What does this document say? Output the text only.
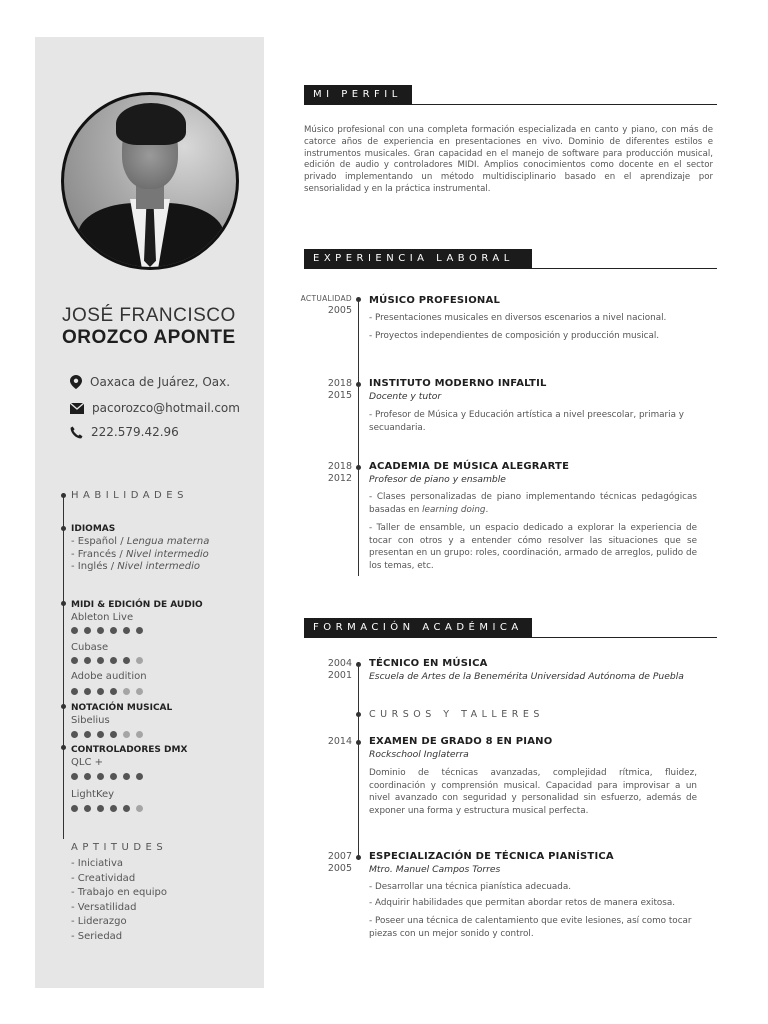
JOSÉ FRANCISCO
OROZCO APONTE
Oaxaca de Juárez, Oax.
pacorozco@hotmail.com
222.579.42.96
HABILIDADES
IDIOMAS
- Español / Lengua materna
- Francés / Nivel intermedio
- Inglés / Nivel intermedio
MIDI & EDICIÓN DE AUDIO
Ableton Live
Cubase
Adobe audition
NOTACIÓN MUSICAL
Sibelius
CONTROLADORES DMX
QLC +
LightKey
APTITUDES
- Iniciativa
- Creatividad
- Trabajo en equipo
- Versatilidad
- Liderazgo
- Seriedad
MI PERFIL
Músico profesional con una completa formación especializada en canto y piano, con más de catorce años de experiencia en presentaciones en vivo. Dominio de diferentes estilos e instrumentos musicales. Gran capacidad en el manejo de software para producción musical, edición de audio y controladores MIDI. Amplios conocimientos como docente en el sector privado implementando un método multidisciplinario basado en el aprendizaje por sensorialidad y en la práctica instrumental.
EXPERIENCIA LABORAL
ACTUALIDAD
2005
MÚSICO PROFESIONAL
- Presentaciones musicales en diversos escenarios a nivel nacional.
- Proyectos independientes de composición y producción musical.
2018
2015
INSTITUTO MODERNO INFALTIL
Docente y tutor
- Profesor de Música y Educación artística a nivel preescolar, primaria y secuandaria.
2018
2012
ACADEMIA DE MÚSICA ALEGRARTE
Profesor de piano y ensamble
- Clases personalizadas de piano implementando técnicas pedagógicas basadas en learning doing.
- Taller de ensamble, un espacio dedicado a explorar la experiencia de tocar con otros y a entender cómo resolver las situaciones que se presentan en un grupo: roles, coordinación, armado de arreglos, pulido de los temas, etc.
FORMACIÓN ACADÉMICA
2004
2001
TÉCNICO EN MÚSICA
Escuela de Artes de la Benemérita Universidad Autónoma de Puebla
CURSOS Y TALLERES
2014 EXAMEN DE GRADO 8 EN PIANO
Rockschool Inglaterra
Dominio de técnicas avanzadas, complejidad rítmica, fluidez, coordinación y comprensión musical. Capacidad para improvisar a un nivel avanzado con seguridad y personalidad sin esfuerzo, además de exponer una forma y estructura musical perfecta.
2007
2005
ESPECIALIZACIÓN DE TÉCNICA PIANÍSTICA
Mtro. Manuel Campos Torres
- Desarrollar una técnica pianística adecuada.
- Adquirir habilidades que permitan abordar retos de manera exitosa.
- Poseer una técnica de calentamiento que evite lesiones, así como tocar piezas con un mejor sonido y control.
